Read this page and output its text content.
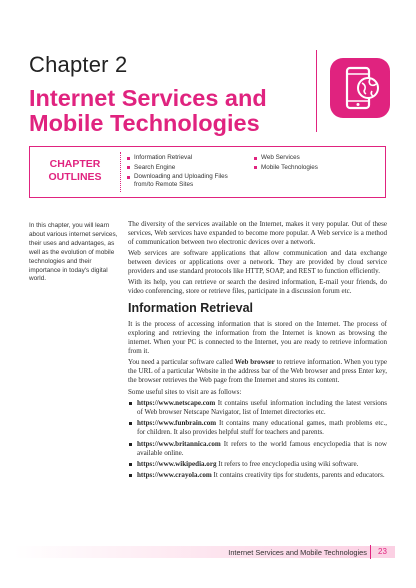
Chapter 2
Internet Services and Mobile Technologies
CHAPTER OUTLINES
Information Retrieval
Search Engine
Downloading and Uploading Files from/to Remote Sites
Web Services
Mobile Technologies
In this chapter, you will learn about various internet services, their uses and advantages, as well as the evolution of mobile technologies and their importance in today's digital world.

The diversity of the services available on the Internet, makes it very popular. Out of these services, Web services have expanded to become more popular. A Web service is a method of communication between two electronic devices over a network.

Web services are software applications that allow communication and data exchange between devices or applications over a network. They are provided by cloud service providers and use standard protocols like HTTP, SOAP, and REST to function efficiently.

With its help, you can retrieve or search the desired information, E-mail your friends, do video conferencing, store or retrieve files, participate in a discussion forum etc.

Information Retrieval

It is the process of accessing information that is stored on the Internet. The process of exploring and retrieving the information from the Internet is known as browsing the internet. When your PC is connected to the Internet, you are ready to retrieve information from it.

You need a particular software called Web browser to retrieve information. When you type the URL of a particular Website in the address bar of the Web browser and press Enter key, the browser retrieves the Web page from the Internet and stores its content.

Some useful sites to visit are as follows:

https://www.netscape.com It contains useful information including the latest versions of Web browser Netscape Navigator, list of Internet directories etc.
https://www.funbrain.com It contains many educational games, math problems etc., for children. It also provides helpful stuff for teachers and parents.
https://www.britannica.com It refers to the world famous encyclopedia that is now available online.
https://www.wikipedia.org It refers to free encyclopedia using wiki software.
https://www.crayola.com It contains creativity tips for students, parents and educators.
Internet Services and Mobile Technologies 23
